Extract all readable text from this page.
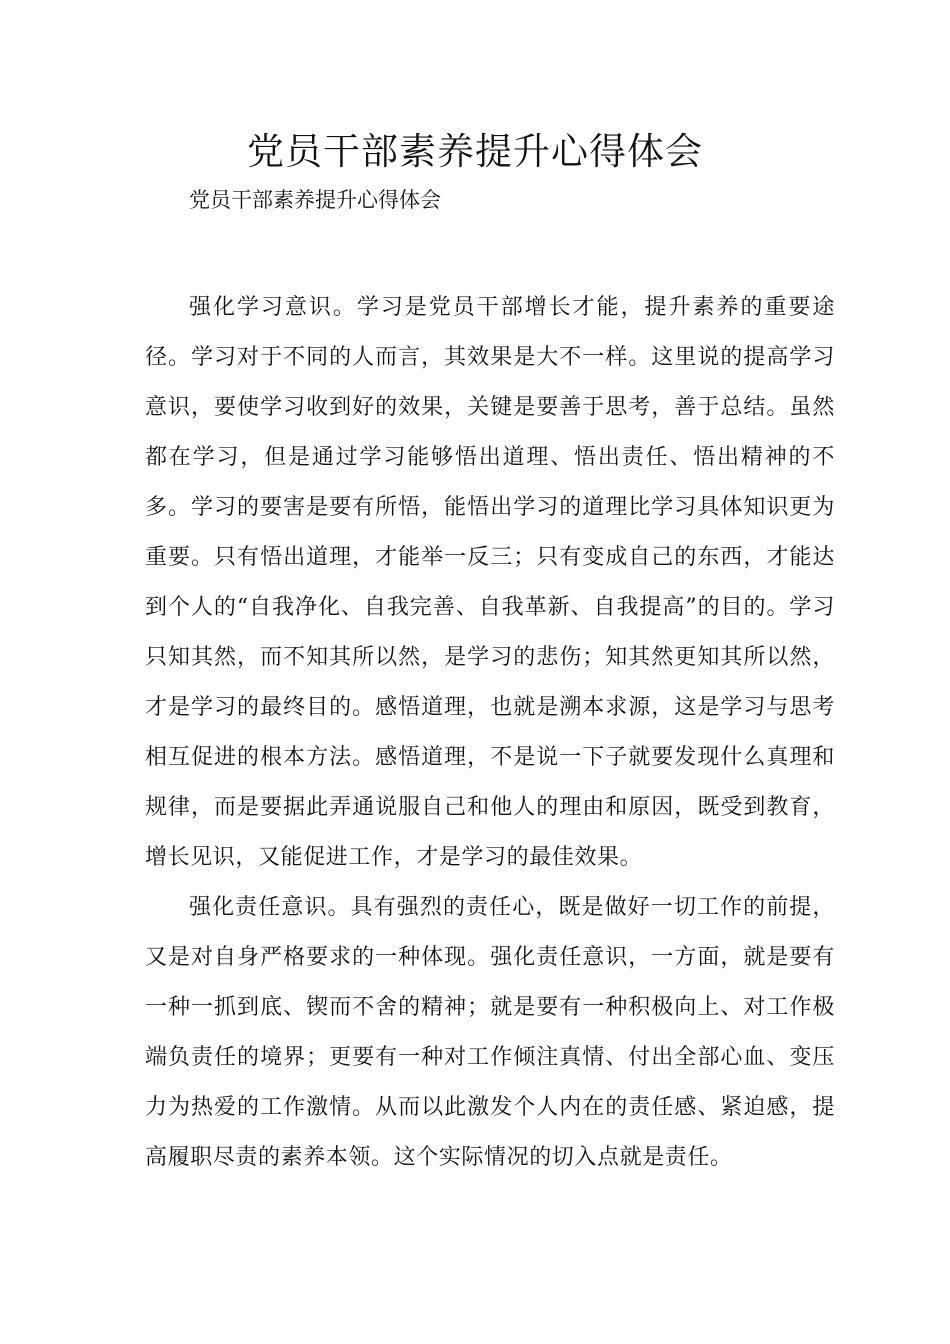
党员干部素养提升心得体会
党员干部素养提升心得体会

强化学习意识。学习是党员干部增长才能，提升素养的重要途径。学习对于不同的人而言，其效果是大不一样。这里说的提高学习意识，要使学习收到好的效果，关键是要善于思考，善于总结。虽然都在学习，但是通过学习能够悟出道理、悟出责任、悟出精神的不多。学习的要害是要有所悟，能悟出学习的道理比学习具体知识更为重要。只有悟出道理，才能举一反三；只有变成自己的东西，才能达到个人的“自我净化、自我完善、自我革新、自我提高”的目的。学习只知其然，而不知其所以然，是学习的悲伤；知其然更知其所以然，才是学习的最终目的。感悟道理，也就是溯本求源，这是学习与思考相互促进的根本方法。感悟道理，不是说一下子就要发现什么真理和规律，而是要据此弄通说服自己和他人的理由和原因，既受到教育，增长见识，又能促进工作，才是学习的最佳效果。

强化责任意识。具有强烈的责任心，既是做好一切工作的前提，又是对自身严格要求的一种体现。强化责任意识，一方面，就是要有一种一抓到底、锲而不舍的精神；就是要有一种积极向上、对工作极端负责任的境界；更要有一种对工作倾注真情、付出全部心血、变压力为热爱的工作激情。从而以此激发个人内在的责任感、紧迫感，提高履职尽责的素养本领。这个实际情况的切入点就是责任。
